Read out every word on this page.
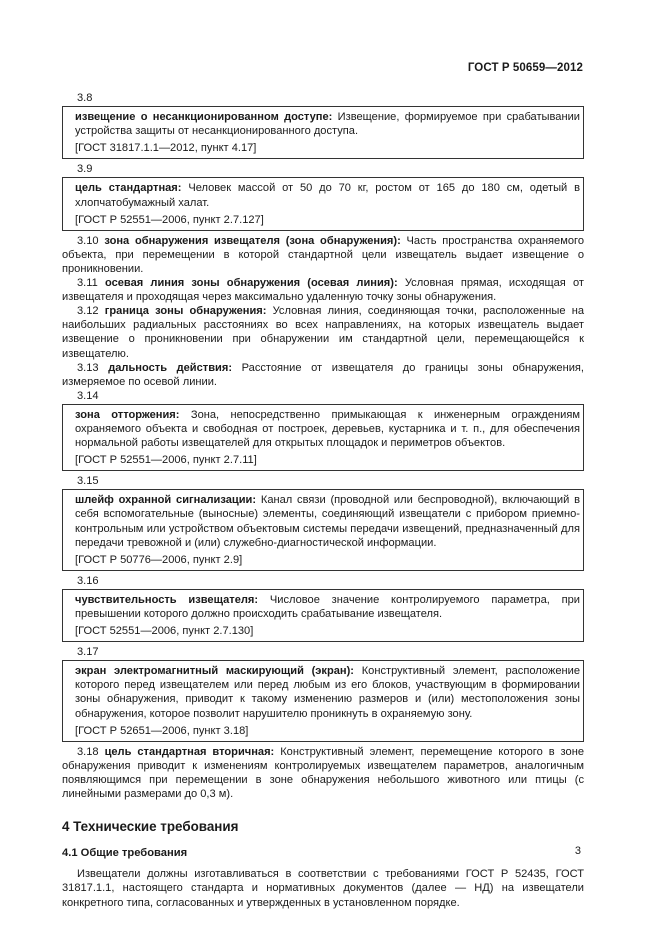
ГОСТ Р 50659—2012
3.8

извещение о несанкционированном доступе: Извещение, формируемое при срабатывании устройства защиты от несанкционированного доступа.

[ГОСТ 31817.1.1—2012, пункт 4.17]

3.9

цель стандартная: Человек массой от 50 до 70 кг, ростом от 165 до 180 см, одетый в хлопчатобумажный халат.

[ГОСТ Р 52551—2006, пункт 2.7.127]

3.10 зона обнаружения извещателя (зона обнаружения): Часть пространства охраняемого объекта, при перемещении в которой стандартной цели извещатель выдает извещение о проникновении.

3.11 осевая линия зоны обнаружения (осевая линия): Условная прямая, исходящая от извещателя и проходящая через максимально удаленную точку зоны обнаружения.

3.12 граница зоны обнаружения: Условная линия, соединяющая точки, расположенные на наибольших радиальных расстояниях во всех направлениях, на которых извещатель выдает извещение о проникновении при обнаружении им стандартной цели, перемещающейся к извещателю.

3.13 дальность действия: Расстояние от извещателя до границы зоны обнаружения, измеряемое по осевой линии.

3.14

зона отторжения: Зона, непосредственно примыкающая к инженерным ограждениям охраняемого объекта и свободная от построек, деревьев, кустарника и т. п., для обеспечения нормальной работы извещателей для открытых площадок и периметров объектов.

[ГОСТ Р 52551—2006, пункт 2.7.11]

3.15

шлейф охранной сигнализации: Канал связи (проводной или беспроводной), включающий в себя вспомогательные (выносные) элементы, соединяющий извещатели с прибором приемно-контрольным или устройством объектовым системы передачи извещений, предназначенный для передачи тревожной и (или) служебно-диагностической информации.

[ГОСТ Р 50776—2006, пункт 2.9]

3.16

чувствительность извещателя: Числовое значение контролируемого параметра, при превышении которого должно происходить срабатывание извещателя.

[ГОСТ 52551—2006, пункт 2.7.130]

3.17

экран электромагнитный маскирующий (экран): Конструктивный элемент, расположение которого перед извещателем или перед любым из его блоков, участвующим в формировании зоны обнаружения, приводит к такому изменению размеров и (или) местоположения зоны обнаружения, которое позволит нарушителю проникнуть в охраняемую зону.

[ГОСТ Р 52651—2006, пункт 3.18]

3.18 цель стандартная вторичная: Конструктивный элемент, перемещение которого в зоне обнаружения приводит к изменениям контролируемых извещателем параметров, аналогичным появляющимся при перемещении в зоне обнаружения небольшого животного или птицы (с линейными размерами до 0,3 м).

4 Технические требования

4.1 Общие требования

Извещатели должны изготавливаться в соответствии с требованиями ГОСТ Р 52435, ГОСТ 31817.1.1, настоящего стандарта и нормативных документов (далее — НД) на извещатели конкретного типа, согласованных и утвержденных в установленном порядке.

3
